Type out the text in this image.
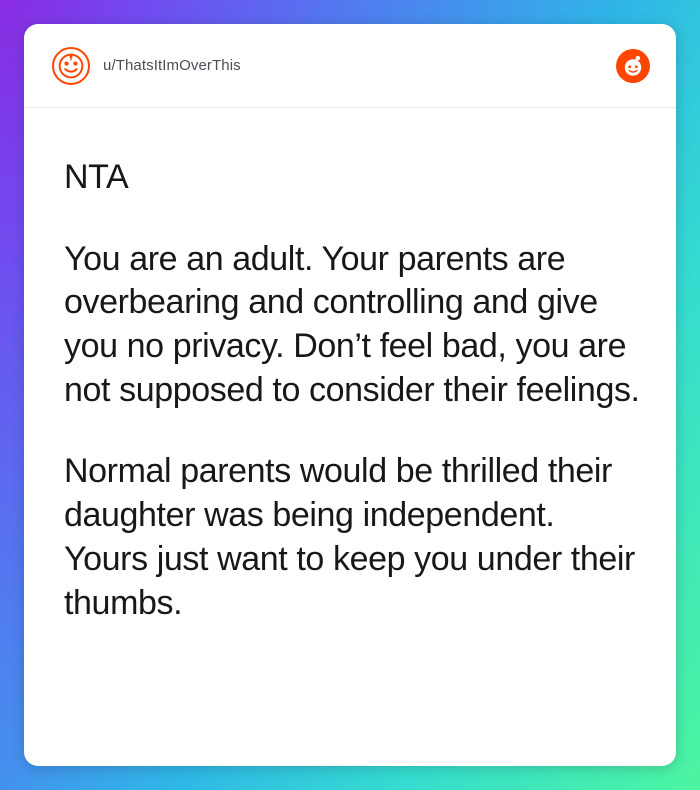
u/ThatsItImOverThis

NTA

You are an adult. Your parents are overbearing and controlling and give you no privacy. Don’t feel bad, you are not supposed to consider their feelings.

Normal parents would be thrilled their daughter was being independent. Yours just want to keep you under their thumbs.
